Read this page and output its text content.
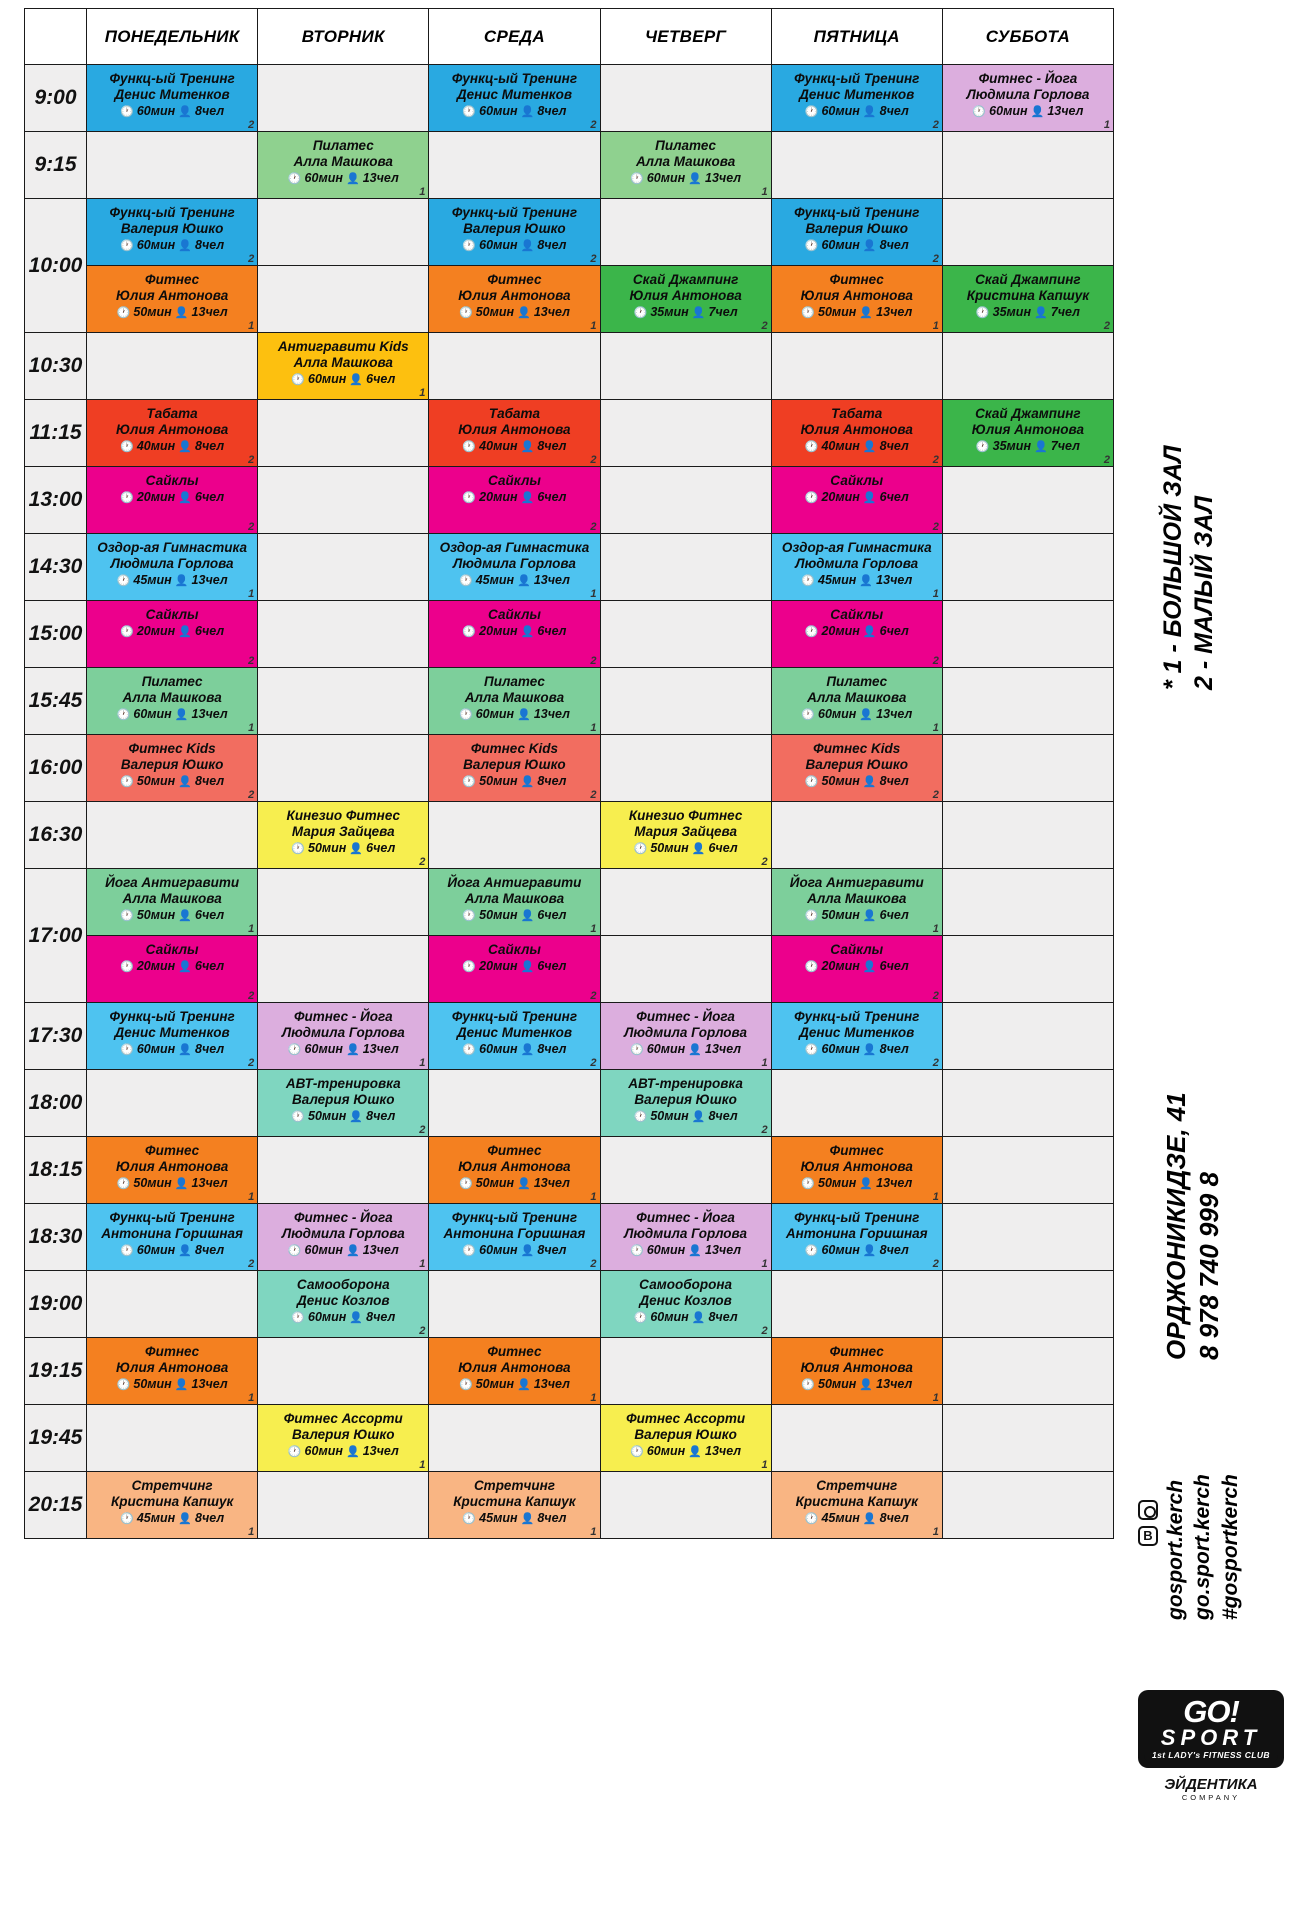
	ПОНЕДЕЛЬНИК	ВТОРНИК	СРЕДА	ЧЕТВЕРГ	ПЯТНИЦА	СУББОТА
9:00	Функц-ый Тренинг
Денис Митенков
🕐 60мин 👤 8чел
2		Функц-ый Тренинг
Денис Митенков
🕐 60мин 👤 8чел
2		Функц-ый Тренинг
Денис Митенков
🕐 60мин 👤 8чел
2	Фитнес - Йога
Людмила Горлова
🕐 60мин 👤 13чел
1

9:15		Пилатес
Алла Машкова
🕐 60мин 👤 13чел
1		Пилатес
Алла Машкова
🕐 60мин 👤 13чел
1		

10:00	Функц-ый Тренинг
Валерия Юшко
🕐 60мин 👤 8чел
2		Функц-ый Тренинг
Валерия Юшко
🕐 60мин 👤 8чел
2		Функц-ый Тренинг
Валерия Юшко
🕐 60мин 👤 8чел
2	

	Фитнес
Юлия Антонова
🕐 50мин 👤 13чел
1		Фитнес
Юлия Антонова
🕐 50мин 👤 13чел
1	Скай Джампинг
Юлия Антонова
🕐 35мин 👤 7чел
2	Фитнес
Юлия Антонова
🕐 50мин 👤 13чел
1	Скай Джампинг
Кристина Капшук
🕐 35мин 👤 7чел
2

10:30		Антигравити Kids
Алла Машкова
🕐 60мин 👤 6чел
1				

11:15	Табата
Юлия Антонова
🕐 40мин 👤 8чел
2		Табата
Юлия Антонова
🕐 40мин 👤 8чел
2		Табата
Юлия Антонова
🕐 40мин 👤 8чел
2	Скай Джампинг
Юлия Антонова
🕐 35мин 👤 7чел
2

13:00	Сайклы
🕐 20мин 👤 6чел
2		Сайклы
🕐 20мин 👤 6чел
2		Сайклы
🕐 20мин 👤 6чел
2	

14:30	Оздор-ая Гимнастика
Людмила Горлова
🕐 45мин 👤 13чел
1		Оздор-ая Гимнастика
Людмила Горлова
🕐 45мин 👤 13чел
1		Оздор-ая Гимнастика
Людмила Горлова
🕐 45мин 👤 13чел
1	

15:00	Сайклы
🕐 20мин 👤 6чел
2		Сайклы
🕐 20мин 👤 6чел
2		Сайклы
🕐 20мин 👤 6чел
2	

15:45	Пилатес
Алла Машкова
🕐 60мин 👤 13чел
1		Пилатес
Алла Машкова
🕐 60мин 👤 13чел
1		Пилатес
Алла Машкова
🕐 60мин 👤 13чел
1	

16:00	Фитнес Kids
Валерия Юшко
🕐 50мин 👤 8чел
2		Фитнес Kids
Валерия Юшко
🕐 50мин 👤 8чел
2		Фитнес Kids
Валерия Юшко
🕐 50мин 👤 8чел
2	

16:30		Кинезио Фитнес
Мария Зайцева
🕐 50мин 👤 6чел
2		Кинезио Фитнес
Мария Зайцева
🕐 50мин 👤 6чел
2		

17:00	Йога Антигравити
Алла Машкова
🕐 50мин 👤 6чел
1		Йога Антигравити
Алла Машкова
🕐 50мин 👤 6чел
1		Йога Антигравити
Алла Машкова
🕐 50мин 👤 6чел
1	

	Сайклы
🕐 20мин 👤 6чел
2		Сайклы
🕐 20мин 👤 6чел
2		Сайклы
🕐 20мин 👤 6чел
2	

17:30	Функц-ый Тренинг
Денис Митенков
🕐 60мин 👤 8чел
2	Фитнес - Йога
Людмила Горлова
🕐 60мин 👤 13чел
1	Функц-ый Тренинг
Денис Митенков
🕐 60мин 👤 8чел
2	Фитнес - Йога
Людмила Горлова
🕐 60мин 👤 13чел
1	Функц-ый Тренинг
Денис Митенков
🕐 60мин 👤 8чел
2	

18:00		АВТ-тренировка
Валерия Юшко
🕐 50мин 👤 8чел
2		АВТ-тренировка
Валерия Юшко
🕐 50мин 👤 8чел
2		

18:15	Фитнес
Юлия Антонова
🕐 50мин 👤 13чел
1		Фитнес
Юлия Антонова
🕐 50мин 👤 13чел
1		Фитнес
Юлия Антонова
🕐 50мин 👤 13чел
1	

18:30	Функц-ый Тренинг
Антонина Горишная
🕐 60мин 👤 8чел
2	Фитнес - Йога
Людмила Горлова
🕐 60мин 👤 13чел
1	Функц-ый Тренинг
Антонина Горишная
🕐 60мин 👤 8чел
2	Фитнес - Йога
Людмила Горлова
🕐 60мин 👤 13чел
1	Функц-ый Тренинг
Антонина Горишная
🕐 60мин 👤 8чел
2	

19:00		Самооборона
Денис Козлов
🕐 60мин 👤 8чел
2		Самооборона
Денис Козлов
🕐 60мин 👤 8чел
2		

19:15	Фитнес
Юлия Антонова
🕐 50мин 👤 13чел
1		Фитнес
Юлия Антонова
🕐 50мин 👤 13чел
1		Фитнес
Юлия Антонова
🕐 50мин 👤 13чел
1	

19:45		Фитнес Ассорти
Валерия Юшко
🕐 60мин 👤 13чел
1		Фитнес Ассорти
Валерия Юшко
🕐 60мин 👤 13чел
1		

20:15	Стретчинг
Кристина Капшук
🕐 45мин 👤 8чел
1		Стретчинг
Кристина Капшук
🕐 45мин 👤 8чел
1		Стретчинг
Кристина Капшук
🕐 45мин 👤 8чел
1	

* 1 - БОЛЬШОЙ ЗАЛ 2 - МАЛЫЙ ЗАЛ
ОРДЖОНИКИДЗЕ, 41 8 978 740 999 8
B gosport.kerch go.sport.kerch #gosportkerch
GO! SPORT
1st LADY's FITNESS CLUB
ЭЙДЕНТИКА
COMPANY
